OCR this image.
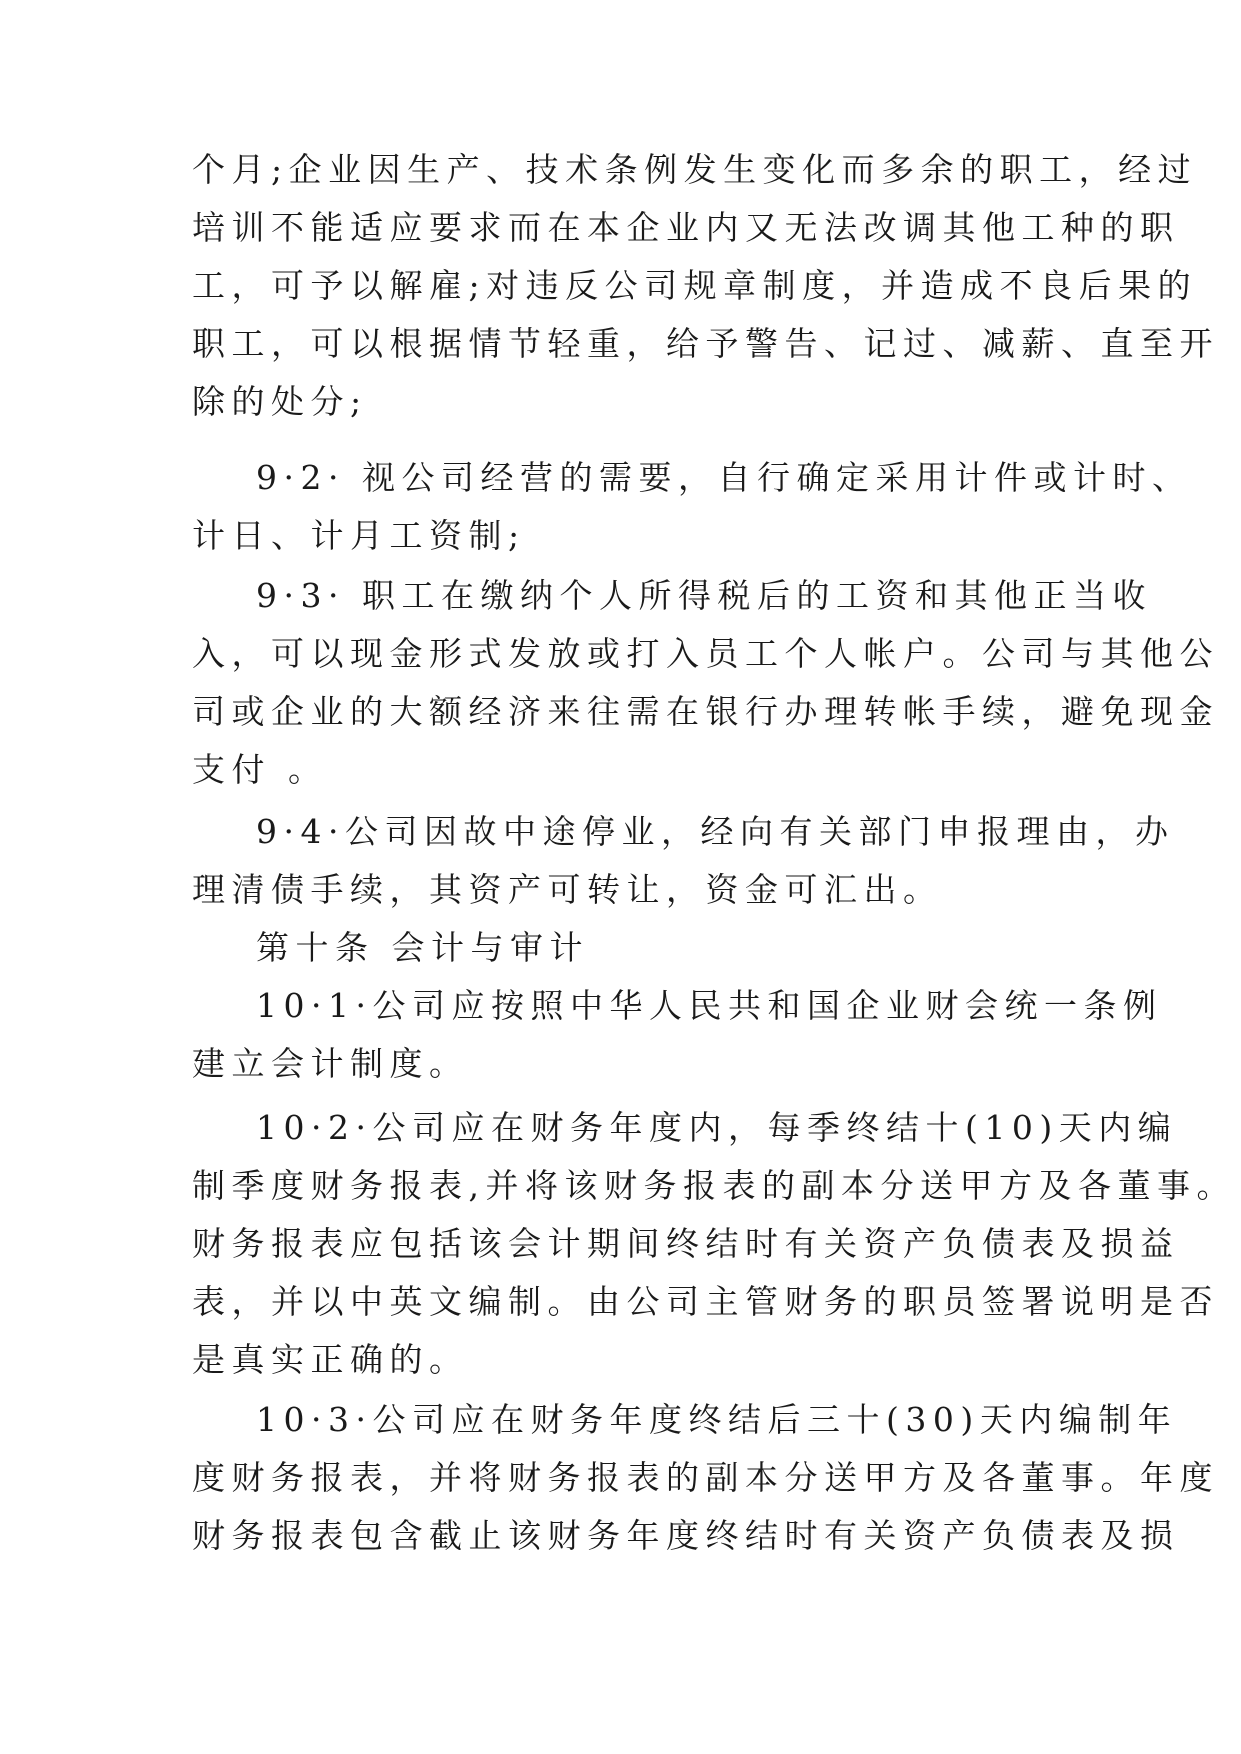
个月;企业因生产、技术条例发生变化而多余的职工，经过
培训不能适应要求而在本企业内又无法改调其他工种的职
工，可予以解雇;对违反公司规章制度，并造成不良后果的
职工，可以根据情节轻重，给予警告、记过、减薪、直至开
除的处分;
9·2· 视公司经营的需要，自行确定采用计件或计时、
计日、计月工资制;
9·3· 职工在缴纳个人所得税后的工资和其他正当收
入，可以现金形式发放或打入员工个人帐户。公司与其他公
司或企业的大额经济来往需在银行办理转帐手续，避免现金
支付 。
9·4·公司因故中途停业，经向有关部门申报理由，办
理清债手续，其资产可转让，资金可汇出。
第十条 会计与审计
10·1·公司应按照中华人民共和国企业财会统一条例
建立会计制度。
10·2·公司应在财务年度内，每季终结十(10)天内编
制季度财务报表,并将该财务报表的副本分送甲方及各董事。
财务报表应包括该会计期间终结时有关资产负债表及损益
表，并以中英文编制。由公司主管财务的职员签署说明是否
是真实正确的。
10·3·公司应在财务年度终结后三十(30)天内编制年
度财务报表，并将财务报表的副本分送甲方及各董事。年度
财务报表包含截止该财务年度终结时有关资产负债表及损
